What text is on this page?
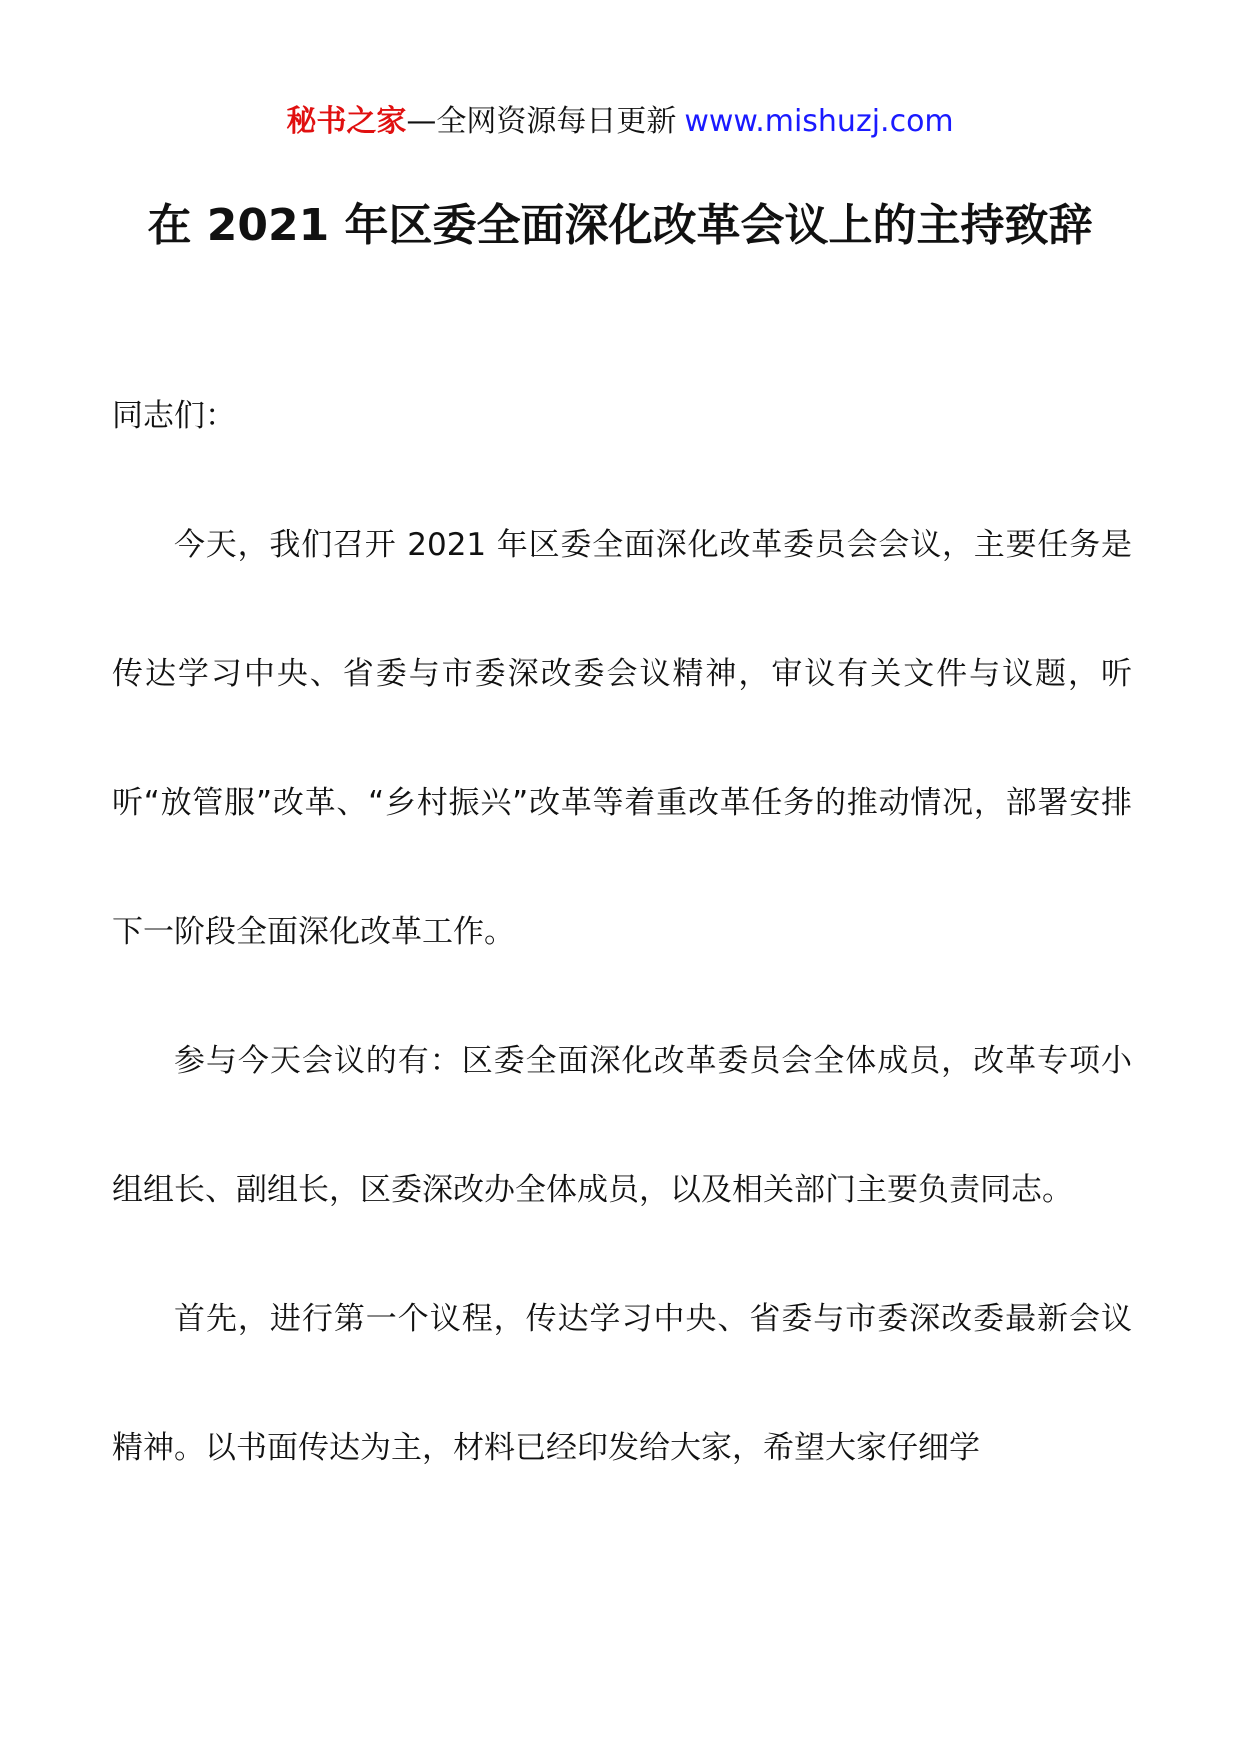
秘书之家—全网资源每日更新 www.mishuzj.com
在 2021 年区委全面深化改革会议上的主持致辞

同志们：

今天，我们召开 2021 年区委全面深化改革委员会会议，主要任务是传达学习中央、省委与市委深改委会议精神，审议有关文件与议题，听听“放管服”改革、“乡村振兴”改革等着重改革任务的推动情况，部署安排下一阶段全面深化改革工作。

参与今天会议的有：区委全面深化改革委员会全体成员，改革专项小组组长、副组长，区委深改办全体成员，以及相关部门主要负责同志。

首先，进行第一个议程，传达学习中央、省委与市委深改委最新会议精神。以书面传达为主，材料已经印发给大家，希望大家仔细学
